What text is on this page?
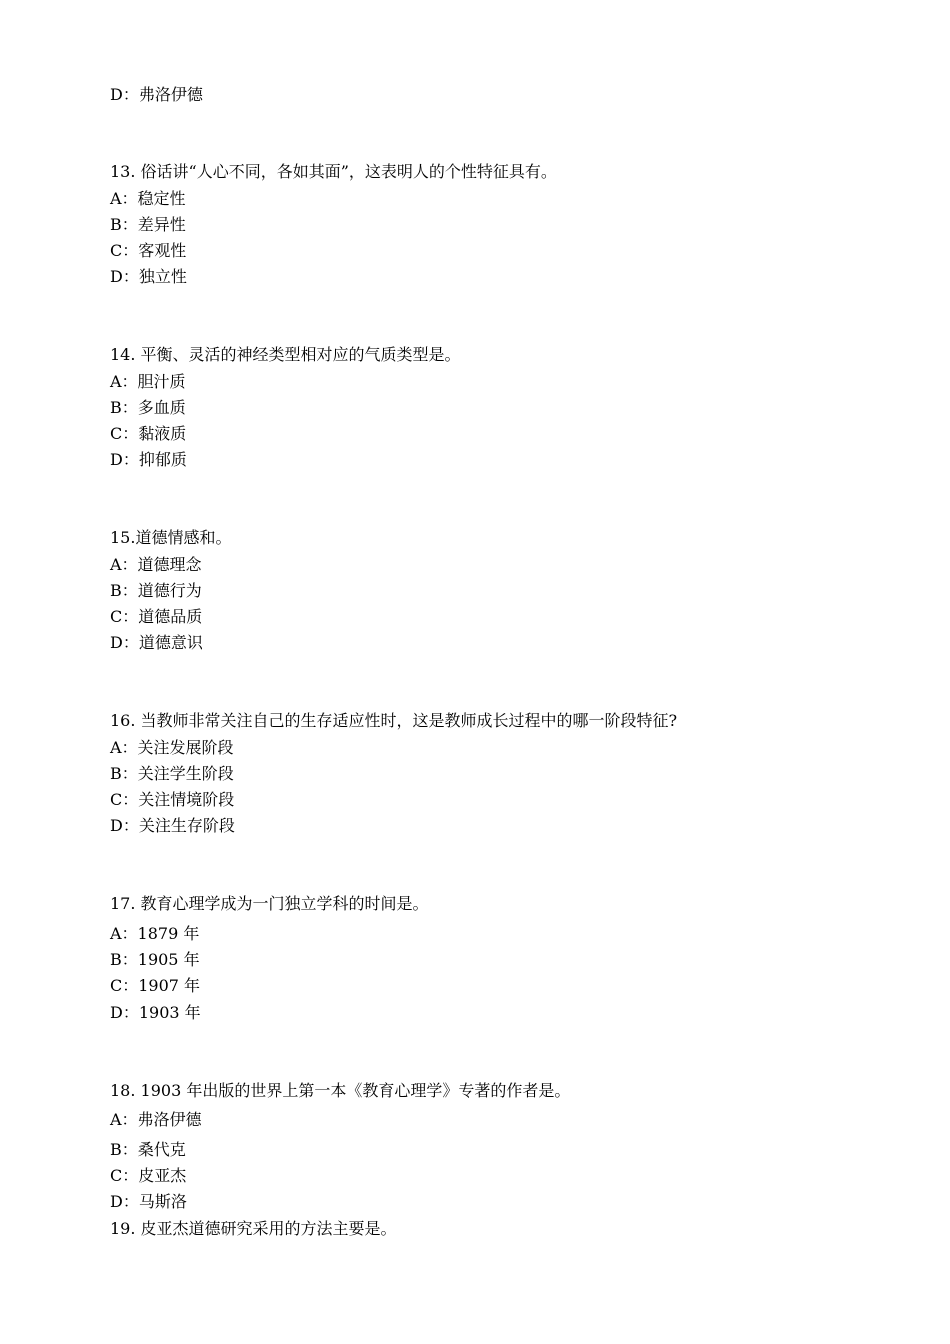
D：弗洛伊德
13. 俗话讲“人心不同，各如其面”，这表明人的个性特征具有。
A：稳定性
B：差异性
C：客观性
D：独立性
14. 平衡、灵活的神经类型相对应的气质类型是。
A：胆汁质
B：多血质
C：黏液质
D：抑郁质
15.道德情感和。
A：道德理念
B：道德行为
C：道德品质
D：道德意识
16. 当教师非常关注自己的生存适应性时，这是教师成长过程中的哪一阶段特征?
A：关注发展阶段
B：关注学生阶段
C：关注情境阶段
D：关注生存阶段
17. 教育心理学成为一门独立学科的时间是。
A：1879 年
B：1905 年
C：1907 年
D：1903 年
18. 1903 年出版的世界上第一本《教育心理学》专著的作者是。
A：弗洛伊德
B：桑代克
C：皮亚杰
D：马斯洛
19. 皮亚杰道德研究采用的方法主要是。
